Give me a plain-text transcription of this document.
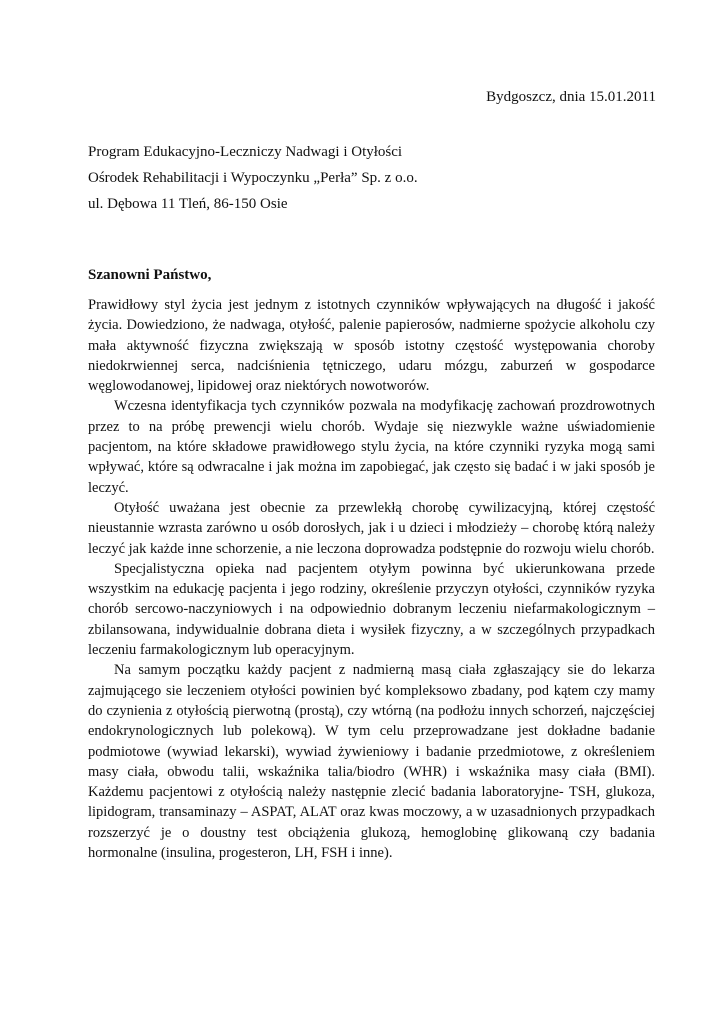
Bydgoszcz, dnia 15.01.2011
Program Edukacyjno-Leczniczy Nadwagi i Otyłości
Ośrodek Rehabilitacji i Wypoczynku „Perła” Sp. z o.o.
ul. Dębowa 11 Tleń, 86-150 Osie
Szanowni Państwo,

Prawidłowy styl życia jest jednym z istotnych czynników wpływających na długość i jakość życia. Dowiedziono, że nadwaga, otyłość, palenie papierosów, nadmierne spożycie alkoholu czy mała aktywność fizyczna zwiększają w sposób istotny częstość występowania choroby niedokrwiennej serca, nadciśnienia tętniczego, udaru mózgu, zaburzeń w gospodarce węglowodanowej, lipidowej oraz niektórych nowotworów.

Wczesna identyfikacja tych czynników pozwala na modyfikację zachowań prozdrowotnych przez to na próbę prewencji wielu chorób. Wydaje się niezwykle ważne uświadomienie pacjentom, na które składowe prawidłowego stylu życia, na które czynniki ryzyka mogą sami wpływać, które są odwracalne i jak można im zapobiegać, jak często się badać i w jaki sposób je leczyć.

Otyłość uważana jest obecnie za przewlekłą chorobę cywilizacyjną, której częstość nieustannie wzrasta zarówno u osób dorosłych, jak i u dzieci i młodzieży – chorobę którą należy leczyć jak każde inne schorzenie, a nie leczona doprowadza podstępnie do rozwoju wielu chorób.

Specjalistyczna opieka nad pacjentem otyłym powinna być ukierunkowana przede wszystkim na edukację pacjenta i jego rodziny, określenie przyczyn otyłości, czynników ryzyka chorób sercowo-naczyniowych i na odpowiednio dobranym leczeniu niefarmakologicznym – zbilansowana, indywidualnie dobrana dieta i wysiłek fizyczny, a w szczególnych przypadkach leczeniu farmakologicznym lub operacyjnym.

Na samym początku każdy pacjent z nadmierną masą ciała zgłaszający sie do lekarza zajmującego sie leczeniem otyłości powinien być kompleksowo zbadany, pod kątem czy mamy do czynienia z otyłością pierwotną (prostą), czy wtórną (na podłożu innych schorzeń, najczęściej endokrynologicznych lub polekową). W tym celu przeprowadzane jest dokładne badanie podmiotowe (wywiad lekarski), wywiad żywieniowy i badanie przedmiotowe, z określeniem masy ciała, obwodu talii, wskaźnika talia/biodro (WHR) i wskaźnika masy ciała (BMI). Każdemu pacjentowi z otyłością należy następnie zlecić badania laboratoryjne- TSH, glukoza, lipidogram, transaminazy – ASPAT, ALAT oraz kwas moczowy, a w uzasadnionych przypadkach rozszerzyć je o doustny test obciążenia glukozą, hemoglobinę glikowaną czy badania hormonalne (insulina, progesteron, LH, FSH i inne).
